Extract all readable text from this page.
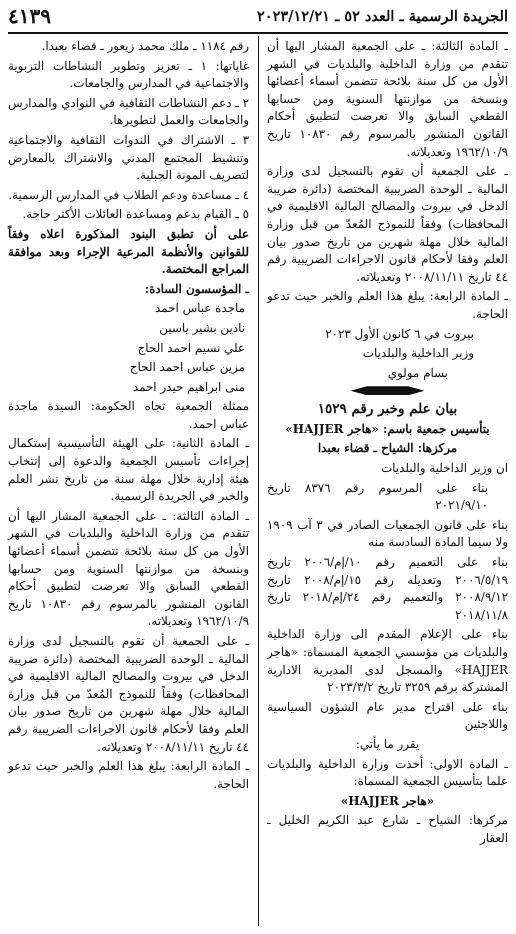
الجريدة الرسمية ـ العدد ٥٢ ـ ٢٠٢٣/١٢/٢١
٤١٣٩

ـ المادة الثالثة: ـ على الجمعية المشار اليها أن تتقدم من وزارة الداخلية والبلديات في الشهر الأول من كل سنة بلائحة تتضمن أسماء أعضائها وبنسخة من موازنتها السنوية ومن حسابها القطعي السابق والا تعرضت لتطبيق أحكام القانون المنشور بالمرسوم رقم ١٠٨٣٠ تاريخ ١٩٦٢/١٠/٩ وتعديلاته.

ـ على الجمعية أن تقوم بالتسجيل لدى وزارة المالية ـ الوحدة الضريبية المختصة (دائرة ضريبة الدخل في بيروت والمصالح المالية الاقليمية في المحافظات) وفقاً للنموذج المُعدّ من قبل وزارة المالية خلال مهلة شهرين من تاريخ صدور بيان العلم وفقا لأحكام قانون الاجراءات الضريبية رقم ٤٤ تاريخ ٢٠٠٨/١١/١١ وتعديلاته.

ـ المادة الرابعة: يبلغ هذا العلم والخبر حيث تدعو الحاجة.

بيروت في ٦ كانون الأول ٢٠٢٣

وزير الداخلية والبلديات

بسام مولوي

بيان علم وخبر رقم ١٥٢٩

بتأسيس جمعية باسم: «هاجر HAJJER»

مركزها: الشياح ـ قضاء بعبدا

ان وزير الداخلية والبلديات

بناء على المرسوم رقم ٨٣٧٦ تاريخ ٢٠٢١/٩/١٠

بناء على قانون الجمعيات الصادر في ٣ آب ١٩٠٩ ولا سيما المادة السادسة منه

بناء على التعميم رقم ١٠/إم/٢٠٠٦ تاريخ ٢٠٠٦/٥/١٩ وتعديله رقم ١٥/إم/٢٠٠٨ تاريخ ٢٠٠٨/٩/١٢ والتعميم رقم ٢٤/إم/٢٠١٨ تاريخ ٢٠١٨/١١/٨

بناء على الإعلام المقدم الى وزارة الداخلية والبلديات من مؤسسي الجمعية المسماة: «هاجر HAJJER» والمسجل لدى المديرية الادارية المشتركة برقم ٣٢٥٩ تاريخ ٢٠٢٣/٣/٢

بناء على اقتراح مدير عام الشؤون السياسية واللاجئين

يقرر ما يأتي:

ـ المادة الاولى: أخذت وزارة الداخلية والبلديات علما بتأسيس الجمعية المسماة:

«هاجر HAJJER»

مركزها: الشياح ـ شارع عبد الكريم الخليل ـ العقار

رقم ١١٨٤ ـ ملك محمد زيعور ـ قضاء بعبدا.

غاياتها: ١ ـ تعزيز وتطوير النشاطات التربوية والاجتماعية في المدارس والجامعات.

٢ ـ دعم النشاطات الثقافية في النوادي والمدارس والجامعات والعمل لتطويرها.

٣ ـ الاشتراك في الندوات الثقافية والاجتماعية وتنشيط المجتمع المدني والاشتراك بالمعارض لتصريف المونة الجبلية.

٤ ـ مساعدة ودعم الطلاب في المدارس الرسمية.

٥ ـ القيام بدعم ومساعدة العائلات الأكثر حاجة.

على أن تطبق البنود المذكورة اعلاه وفقاً للقوانين والأنظمة المرعية الإجراء وبعد موافقة المراجع المختصة.

ـ المؤسسون السادة:

ماجدة عباس احمد

نادين بشير ياسين

علي نسيم احمد الحاج

مزين عباس احمد الحاج

منى ابراهيم حيدر احمد

ممثلة الجمعية تجاه الحكومة: السيدة ماجدة عباس احمد.

ـ المادة الثانية: على الهيئة التأسيسية إستكمال إجراءات تأسيس الجمعية والدعوة إلى إنتخاب هيئة إدارية خلال مهلة سنة من تاريخ نشر العلم والخبر في الجريدة الرسمية.

ـ المادة الثالثة: ـ على الجمعية المشار اليها أن تتقدم من وزارة الداخلية والبلديات في الشهر الأول من كل سنة بلائحة تتضمن أسماء أعضائها وبنسخة من موازنتها السنوية ومن حسابها القطعي السابق والا تعرضت لتطبيق أحكام القانون المنشور بالمرسوم رقم ١٠٨٣٠ تاريخ ١٩٦٢/١٠/٩ وتعديلاته.

ـ على الجمعية أن تقوم بالتسجيل لدى وزارة المالية ـ الوحدة الضريبية المختصة (دائرة ضريبة الدخل في بيروت والمصالح المالية الاقليمية في المحافظات) وفقاً للنموذج المُعدّ من قبل وزارة المالية خلال مهلة شهرين من تاريخ صدور بيان العلم وفقا لأحكام قانون الاجراءات الضريبية رقم ٤٤ تاريخ ٢٠٠٨/١١/١١ وتعديلاته.

ـ المادة الرابعة: يبلغ هذا العلم والخبر حيث تدعو الحاجة.
